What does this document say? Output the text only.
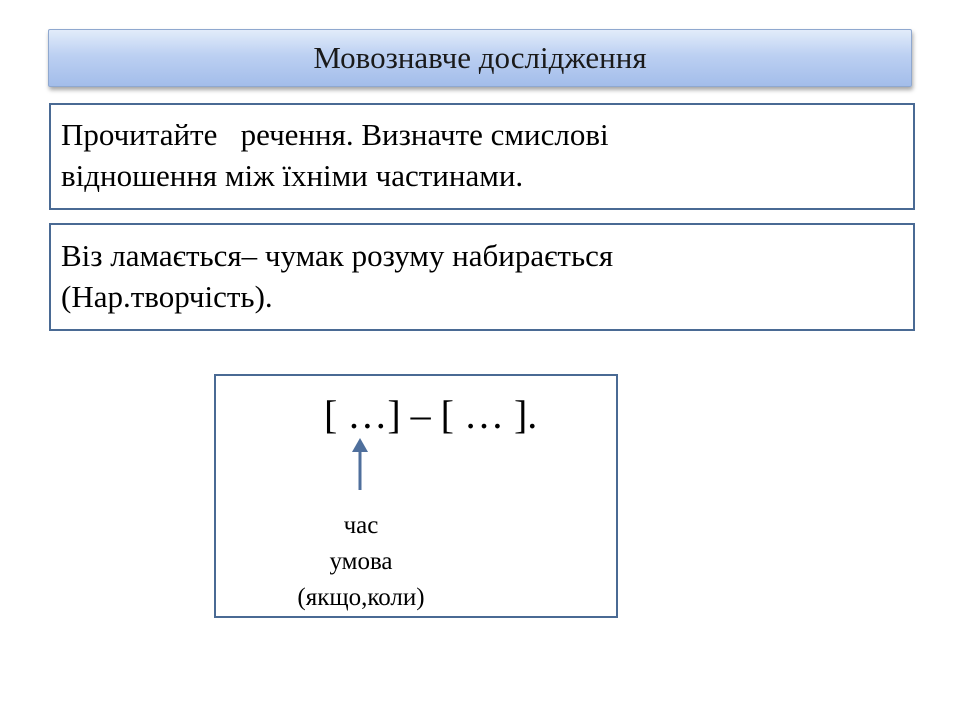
Мовознавче дослідження
Прочитайте   речення. Визначте смислові
відношення між їхніми частинами.
Віз ламається– чумак розуму набирається
(Нар.творчість).
[ …] – [ … ].
час
умова
(якщо,коли)
